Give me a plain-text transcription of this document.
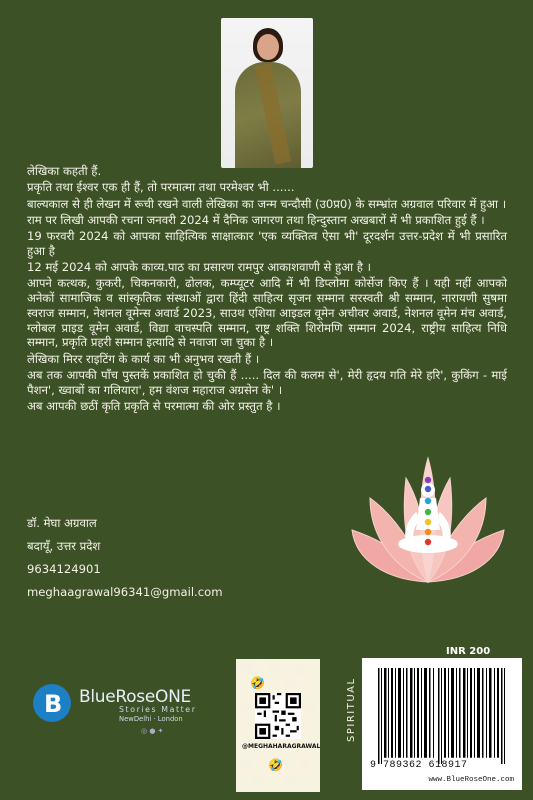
लेखिका कहती हैं.

प्रकृति तथा ईश्वर एक ही हैं, तो परमात्मा तथा परमेश्वर भी ......

बाल्यकाल से ही लेखन में रूची रखने वाली लेखिका का जन्म चन्दौसी (उ0प्र0) के सम्भ्रांत अग्रवाल परिवार में हुआ ।

राम पर लिखी आपकी रचना जनवरी 2024 में दैनिक जागरण तथा हिन्दुस्तान अखबारों में भी प्रकाशित हुई हैं ।

19 फरवरी 2024 को आपका साहित्यिक साक्षात्कार 'एक व्यक्तित्व ऐसा भी' दूरदर्शन उत्तर-प्रदेश में भी प्रसारित हुआ है

12 मई 2024 को आपके काव्य.पाठ का प्रसारण रामपुर आकाशवाणी से हुआ है ।

आपने कत्थक, कुकरी, चिकनकारी, ढोलक, कम्प्यूटर आदि में भी डिप्लोमा कोर्सेज किए हैं । यही नहीं आपको अनेकों सामाजिक व सांस्कृतिक संस्थाओं द्वारा हिंदी साहित्य सृजन सम्मान सरस्वती श्री सम्मान, नारायणी सुषमा स्वराज सम्मान, नेशनल वूमेन्स अवार्ड 2023, साउथ एशिया आइडल वूमेन अचीवर अवार्ड, नेशनल वूमेन मंच अवार्ड, ग्लोबल प्राइड वूमेन अवार्ड, विद्या वाचस्पति सम्मान, राष्ट्र शक्ति शिरोमणि सम्मान 2024, राष्ट्रीय साहित्य निधि सम्मान, प्रकृति प्रहरी सम्मान इत्यादि से नवाजा जा चुका है ।

लेखिका मिरर राइटिंग के कार्य का भी अनुभव रखती हैं ।

अब तक आपकी पाँच पुस्तकें प्रकाशित हो चुकी हैं ..... दिल की कलम से', मेरी हृदय गति मेरे हरि', कुकिंग - माई पैशन', ख्वाबों का गलियारा', हम वंशज महाराज अग्रसेन के' ।

अब आपकी छठीं कृति प्रकृति से परमात्मा की ओर प्रस्तुत है ।

डॉ. मेघा अग्रवाल
बदायूँ, उत्तर प्रदेश
9634124901
meghaagrawal96341@gmail.com
B BlueRoseONE
Stories Matter
NewDelhi · London
◎ ● ✦
😂 😆 😂
🤣 😄
😂
😆
😂 🤣 😄
😆 😂
@MEGHAHARAGRAWAL
SPIRITUAL
INR 200
9 789362 618917
www.BlueRoseOne.com
